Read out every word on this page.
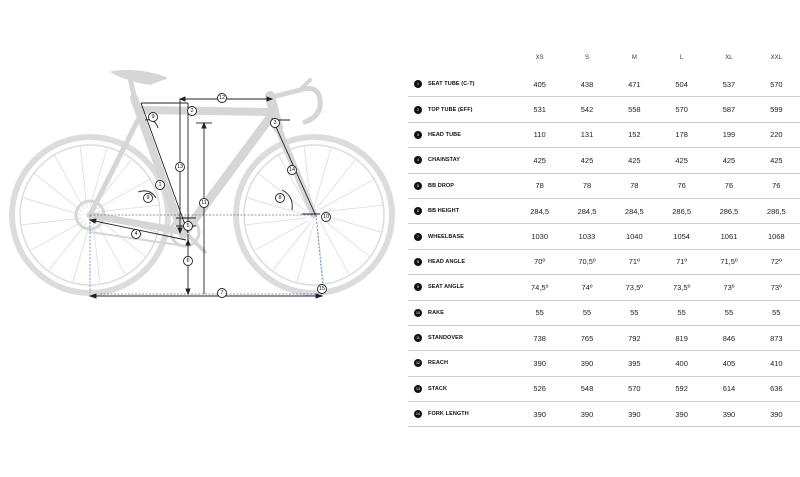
1
2
3
4
5
6
7
8
9
9
10
11
12
13	14
15
	XS	S	M	L	XL	XXL

1 SEAT TUBE (C-T)	405	438	471	504	537	570

2 TOP TUBE (EFF)	531	542	558	570	587	599

3 HEAD TUBE	110	131	152	178	199	220

4 CHAINSTAY	425	425	425	425	425	425

5 BB DROP	78	78	78	76	76	76

6 BB HEIGHT	284,5	284,5	284,5	286,5	286,5	286,5

7 WHEELBASE	1030	1033	1040	1054	1061	1068

8 HEAD ANGLE	70º	70,5º	71º	71º	71,5º	72º

9 SEAT ANGLE	74,5º	74º	73,5º	73,5º	73º	73º

10 RAKE	55	55	55	55	55	55

11 STANDOVER	738	765	792	819	846	873

12 REACH	390	390	395	400	405	410

13 STACK	526	548	570	592	614	636

14 FORK LENGTH	390	390	390	390	390	390
